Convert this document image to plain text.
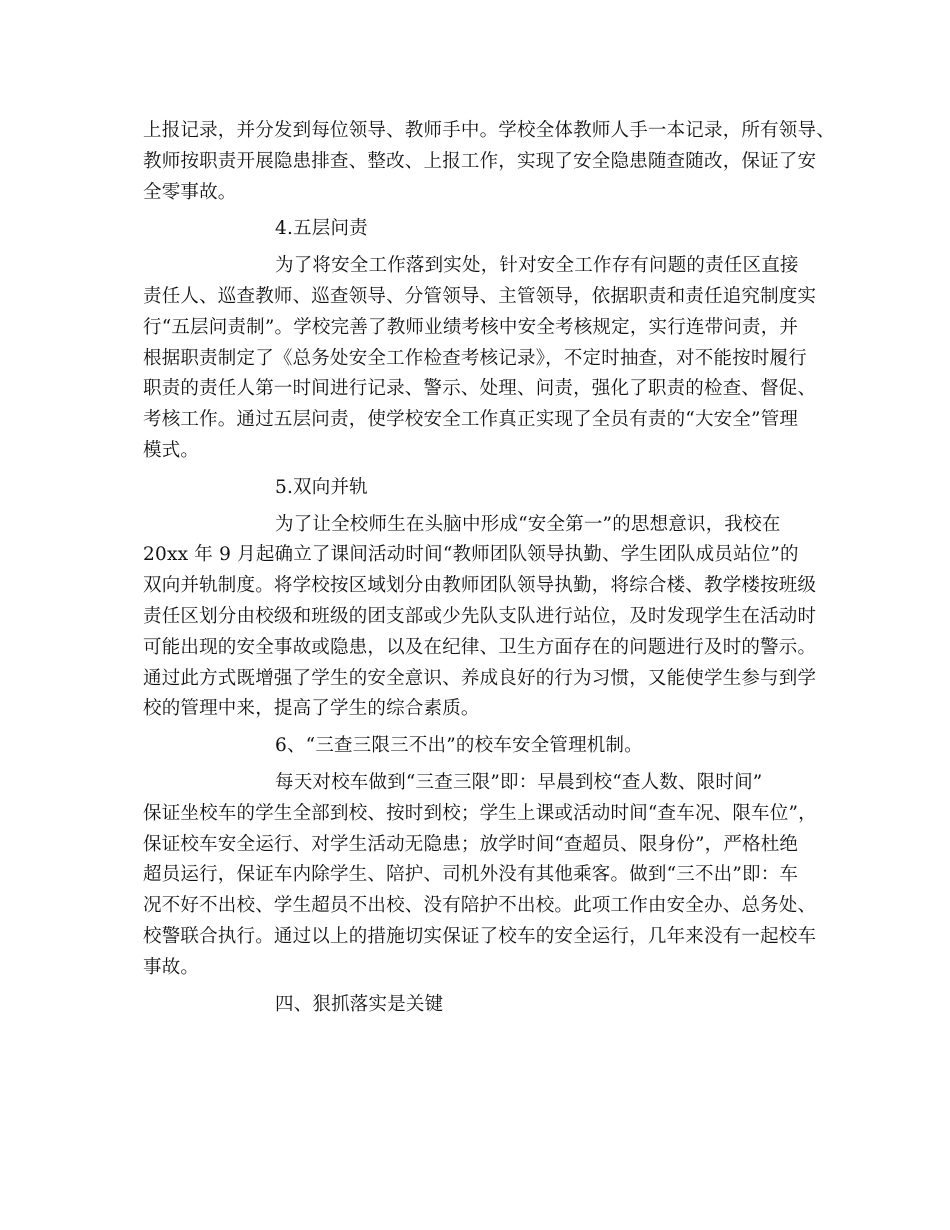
上报记录，并分发到每位领导、教师手中。学校全体教师人手一本记录，所有领导、
教师按职责开展隐患排查、整改、上报工作，实现了安全隐患随查随改，保证了安
全零事故。
4.五层问责
为了将安全工作落到实处，针对安全工作存有问题的责任区直接
责任人、巡查教师、巡查领导、分管领导、主管领导，依据职责和责任追究制度实
行“五层问责制”。学校完善了教师业绩考核中安全考核规定，实行连带问责，并
根据职责制定了《总务处安全工作检查考核记录》，不定时抽查，对不能按时履行
职责的责任人第一时间进行记录、警示、处理、问责，强化了职责的检查、督促、
考核工作。通过五层问责，使学校安全工作真正实现了全员有责的“大安全”管理
模式。
5.双向并轨
为了让全校师生在头脑中形成“安全第一”的思想意识，我校在
20xx 年 9 月起确立了课间活动时间“教师团队领导执勤、学生团队成员站位”的
双向并轨制度。将学校按区域划分由教师团队领导执勤，将综合楼、教学楼按班级
责任区划分由校级和班级的团支部或少先队支队进行站位，及时发现学生在活动时
可能出现的安全事故或隐患，以及在纪律、卫生方面存在的问题进行及时的警示。
通过此方式既增强了学生的安全意识、养成良好的行为习惯，又能使学生参与到学
校的管理中来，提高了学生的综合素质。
6、“三查三限三不出”的校车安全管理机制。
每天对校车做到“三查三限”即：早晨到校“查人数、限时间”
保证坐校车的学生全部到校、按时到校；学生上课或活动时间“查车况、限车位”，
保证校车安全运行、对学生活动无隐患；放学时间“查超员、限身份”，严格杜绝
超员运行，保证车内除学生、陪护、司机外没有其他乘客。做到“三不出”即：车
况不好不出校、学生超员不出校、没有陪护不出校。此项工作由安全办、总务处、
校警联合执行。通过以上的措施切实保证了校车的安全运行，几年来没有一起校车
事故。
四、狠抓落实是关键
